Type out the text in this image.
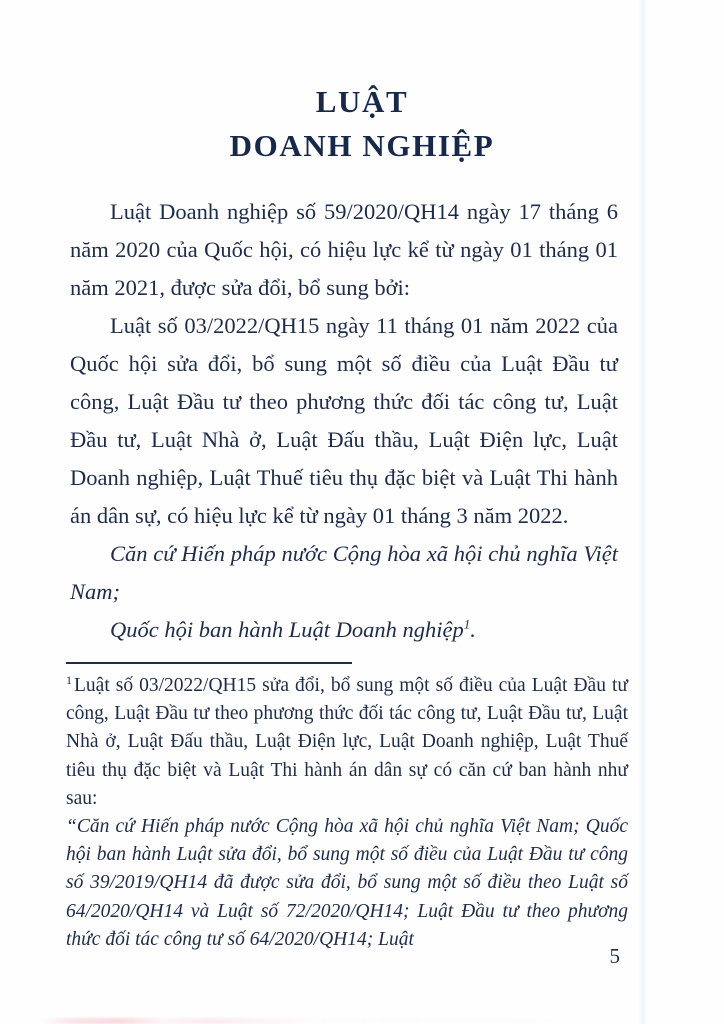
LUẬT
DOANH NGHIỆP

Luật Doanh nghiệp số 59/2020/QH14 ngày 17 tháng 6 năm 2020 của Quốc hội, có hiệu lực kể từ ngày 01 tháng 01 năm 2021, được sửa đổi, bổ sung bởi:

Luật số 03/2022/QH15 ngày 11 tháng 01 năm 2022 của Quốc hội sửa đổi, bổ sung một số điều của Luật Đầu tư công, Luật Đầu tư theo phương thức đối tác công tư, Luật Đầu tư, Luật Nhà ở, Luật Đấu thầu, Luật Điện lực, Luật Doanh nghiệp, Luật Thuế tiêu thụ đặc biệt và Luật Thi hành án dân sự, có hiệu lực kể từ ngày 01 tháng 3 năm 2022.

Căn cứ Hiến pháp nước Cộng hòa xã hội chủ nghĩa Việt Nam;

Quốc hội ban hành Luật Doanh nghiệp$^1$.

$^1$ Luật số 03/2022/QH15 sửa đổi, bổ sung một số điều của Luật Đầu tư công, Luật Đầu tư theo phương thức đối tác công tư, Luật Đầu tư, Luật Nhà ở, Luật Đấu thầu, Luật Điện lực, Luật Doanh nghiệp, Luật Thuế tiêu thụ đặc biệt và Luật Thi hành án dân sự có căn cứ ban hành như sau:

“Căn cứ Hiến pháp nước Cộng hòa xã hội chủ nghĩa Việt Nam; Quốc hội ban hành Luật sửa đổi, bổ sung một số điều của Luật Đầu tư công số 39/2019/QH14 đã được sửa đổi, bổ sung một số điều theo Luật số 64/2020/QH14 và Luật số 72/2020/QH14; Luật Đầu tư theo phương thức đối tác công tư số 64/2020/QH14; Luật

5
